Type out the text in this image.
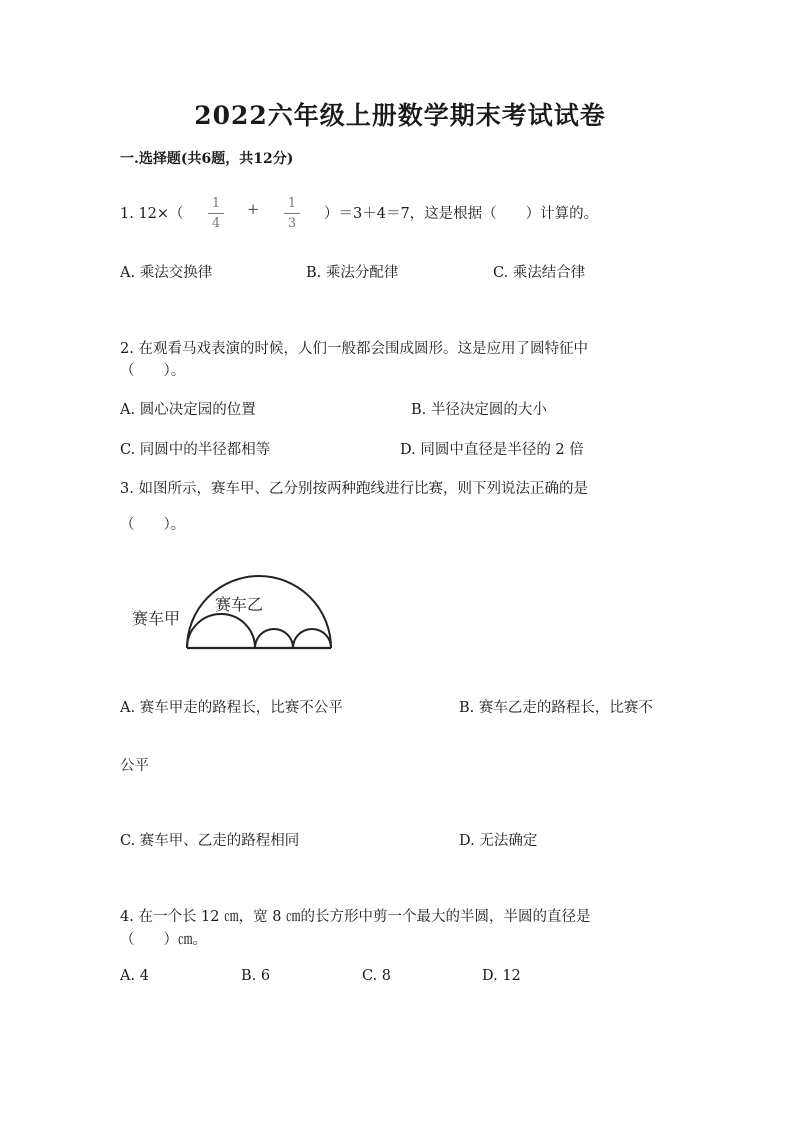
2022六年级上册数学期末考试试卷
一.选择题(共6题，共12分)
1. 12×（
1
4
+ 1
3
）＝3＋4＝7，这是根据（　　）计算的。
A. 乘法交换律	B. 乘法分配律	C. 乘法结合律
2. 在观看马戏表演的时候，人们一般都会围成圆形。这是应用了圆特征中
（　　）。
A. 圆心决定园的位置	B. 半径决定圆的大小
C. 同圆中的半径都相等	D. 同圆中直径是半径的 2 倍
3. 如图所示，赛车甲、乙分别按两种跑线进行比赛，则下列说法正确的是
（　　）。
赛车甲
赛车乙
A. 赛车甲走的路程长，比赛不公平	B. 赛车乙走的路程长，比赛不
公平
C. 赛车甲、乙走的路程相同	D. 无法确定
4. 在一个长 12 ㎝，宽 8 ㎝的长方形中剪一个最大的半圆，半圆的直径是
（　　）㎝。
A. 4	B. 6	C. 8	D. 12
